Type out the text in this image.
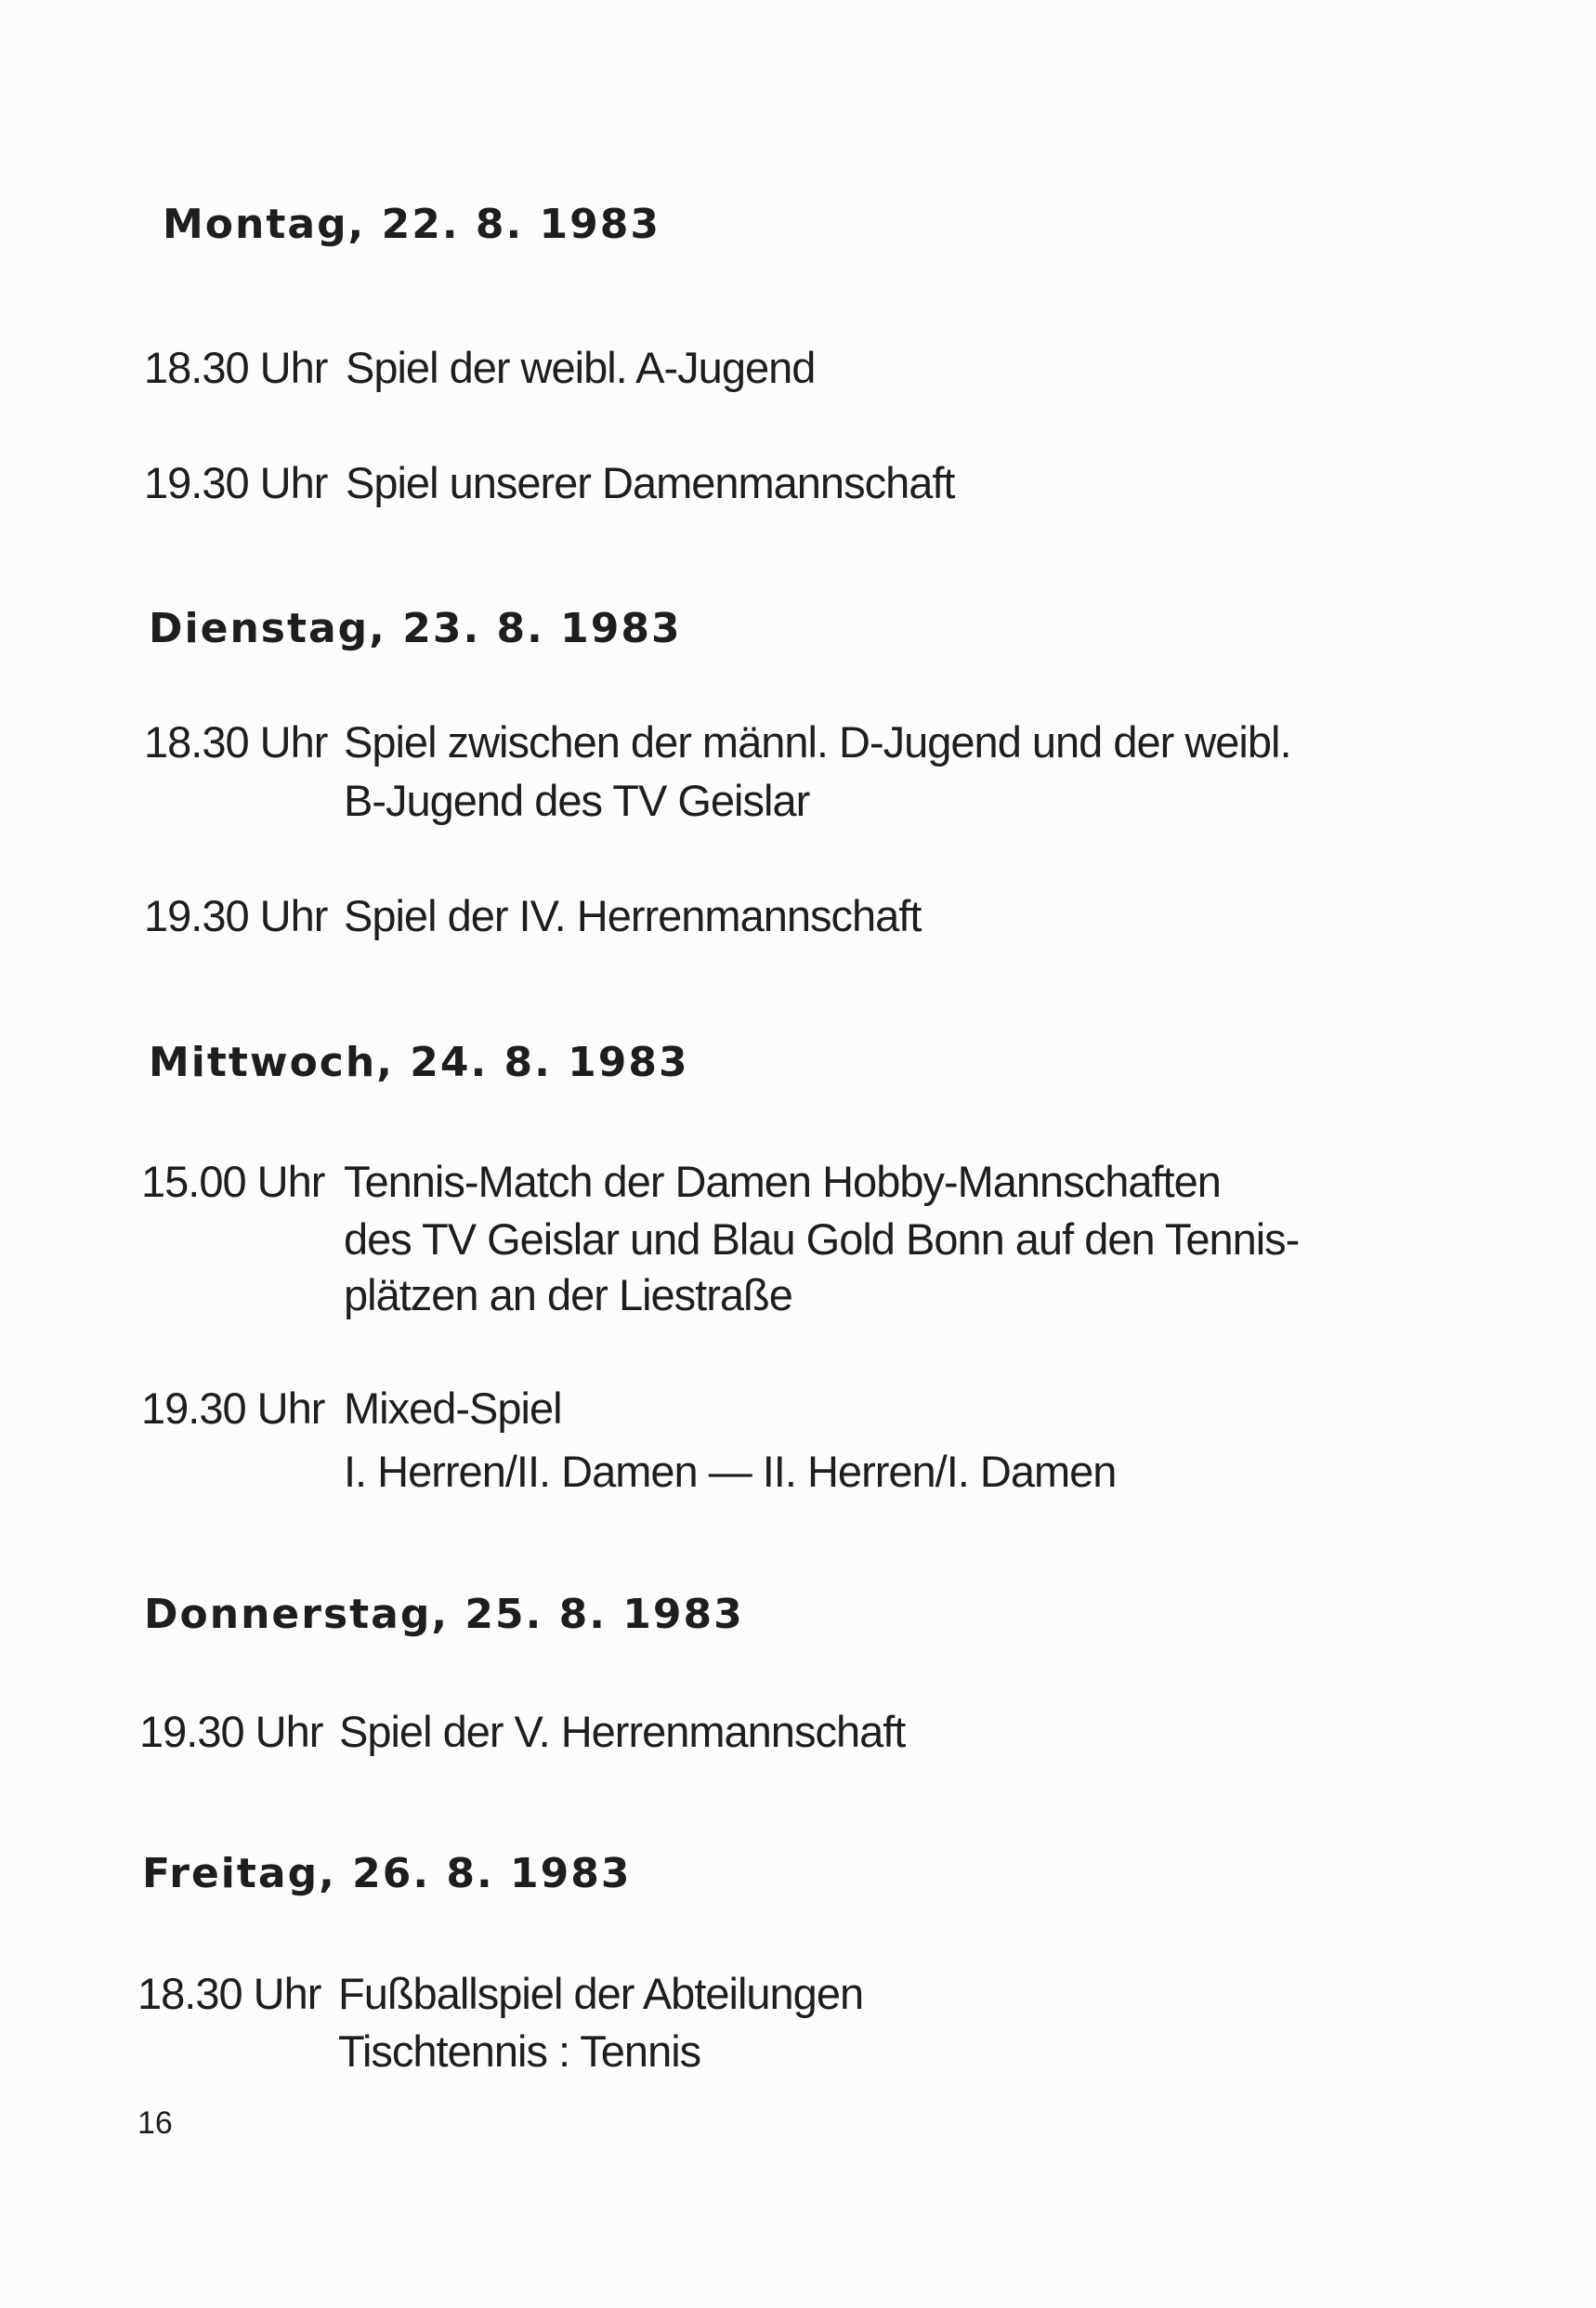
Montag, 22. 8. 1983
18.30 Uhr Spiel der weibl. A-Jugend
19.30 Uhr Spiel unserer Damenmannschaft
Dienstag, 23. 8. 1983
18.30 Uhr Spiel zwischen der männl. D-Jugend und der weibl.
B-Jugend des TV Geislar
19.30 Uhr Spiel der IV. Herrenmannschaft
Mittwoch, 24. 8. 1983
15.00 Uhr Tennis-Match der Damen Hobby-Mannschaften
des TV Geislar und Blau Gold Bonn auf den Tennis-
plätzen an der Liestraße
19.30 Uhr Mixed-Spiel
I. Herren/II. Damen — II. Herren/I. Damen
Donnerstag, 25. 8. 1983
19.30 Uhr Spiel der V. Herrenmannschaft
Freitag, 26. 8. 1983
18.30 Uhr Fußballspiel der Abteilungen
Tischtennis : Tennis
16
